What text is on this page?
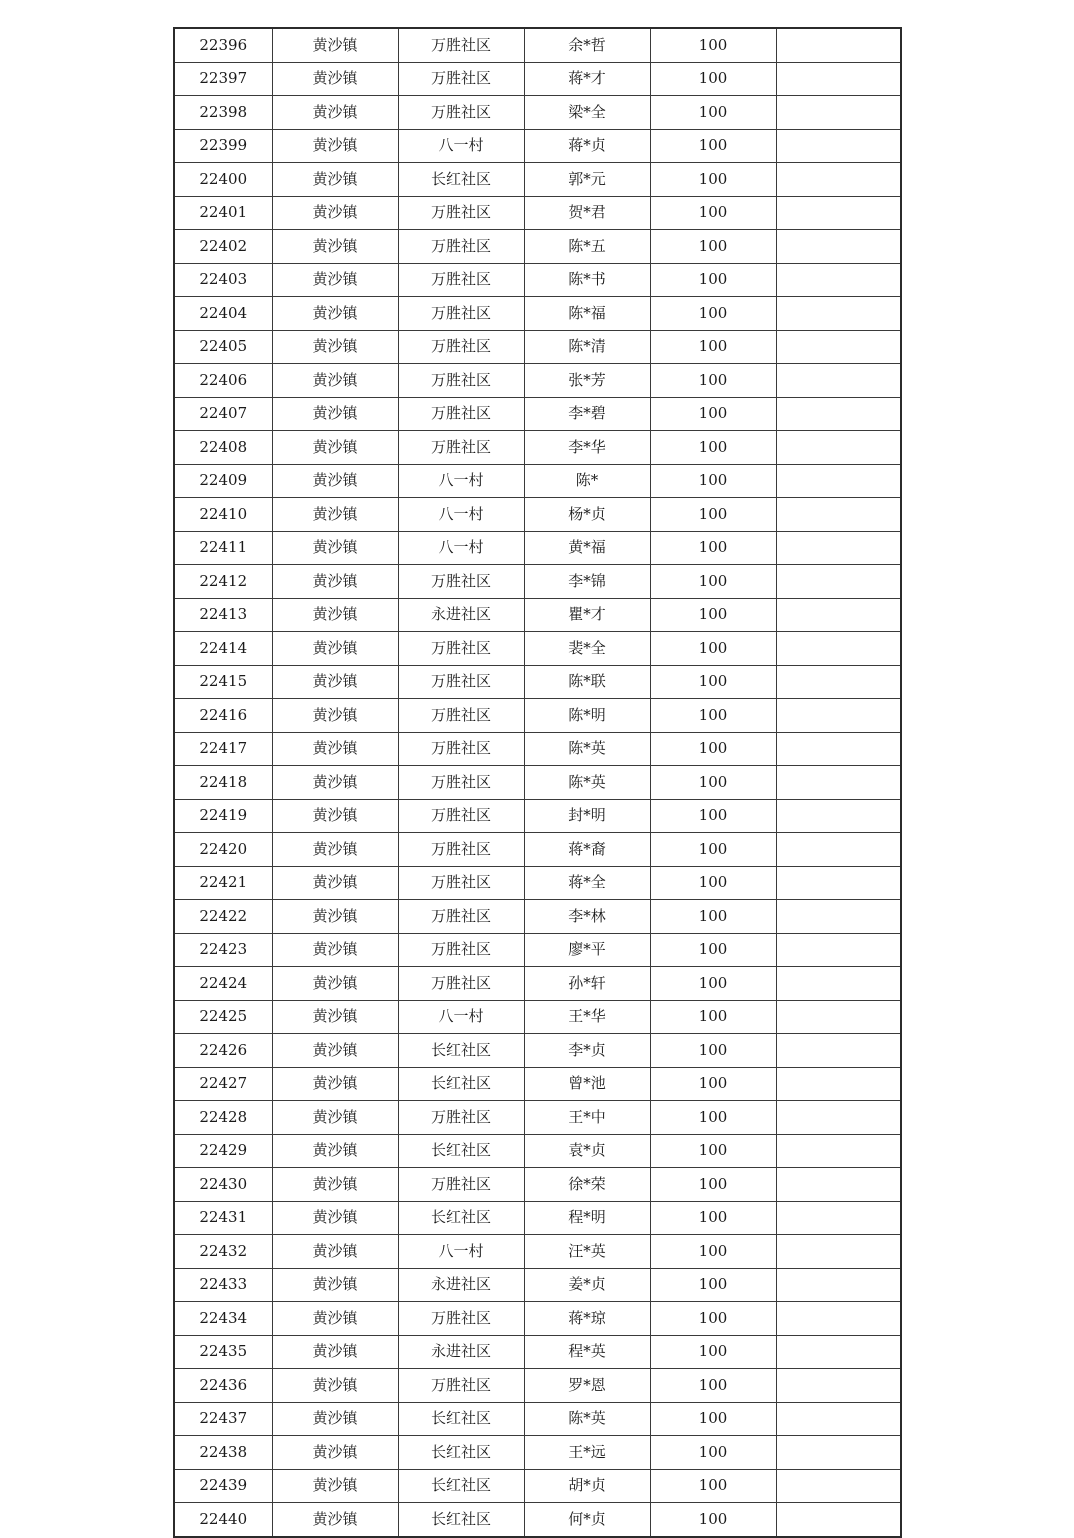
22396	黄沙镇	万胜社区	余*哲	100	
22397	黄沙镇	万胜社区	蒋*才	100	
22398	黄沙镇	万胜社区	梁*全	100	
22399	黄沙镇	八一村	蒋*贞	100	
22400	黄沙镇	长红社区	郭*元	100	
22401	黄沙镇	万胜社区	贺*君	100	
22402	黄沙镇	万胜社区	陈*五	100	
22403	黄沙镇	万胜社区	陈*书	100	
22404	黄沙镇	万胜社区	陈*福	100	
22405	黄沙镇	万胜社区	陈*清	100	
22406	黄沙镇	万胜社区	张*芳	100	
22407	黄沙镇	万胜社区	李*碧	100	
22408	黄沙镇	万胜社区	李*华	100	
22409	黄沙镇	八一村	陈*	100	
22410	黄沙镇	八一村	杨*贞	100	
22411	黄沙镇	八一村	黄*福	100	
22412	黄沙镇	万胜社区	李*锦	100	
22413	黄沙镇	永进社区	瞿*才	100	
22414	黄沙镇	万胜社区	裴*全	100	
22415	黄沙镇	万胜社区	陈*联	100	
22416	黄沙镇	万胜社区	陈*明	100	
22417	黄沙镇	万胜社区	陈*英	100	
22418	黄沙镇	万胜社区	陈*英	100	
22419	黄沙镇	万胜社区	封*明	100	
22420	黄沙镇	万胜社区	蒋*裔	100	
22421	黄沙镇	万胜社区	蒋*全	100	
22422	黄沙镇	万胜社区	李*林	100	
22423	黄沙镇	万胜社区	廖*平	100	
22424	黄沙镇	万胜社区	孙*轩	100	
22425	黄沙镇	八一村	王*华	100	
22426	黄沙镇	长红社区	李*贞	100	
22427	黄沙镇	长红社区	曾*池	100	
22428	黄沙镇	万胜社区	王*中	100	
22429	黄沙镇	长红社区	袁*贞	100	
22430	黄沙镇	万胜社区	徐*荣	100	
22431	黄沙镇	长红社区	程*明	100	
22432	黄沙镇	八一村	汪*英	100	
22433	黄沙镇	永进社区	姜*贞	100	
22434	黄沙镇	万胜社区	蒋*琼	100	
22435	黄沙镇	永进社区	程*英	100	
22436	黄沙镇	万胜社区	罗*恩	100	
22437	黄沙镇	长红社区	陈*英	100	
22438	黄沙镇	长红社区	王*远	100	
22439	黄沙镇	长红社区	胡*贞	100	
22440	黄沙镇	长红社区	何*贞	100	
